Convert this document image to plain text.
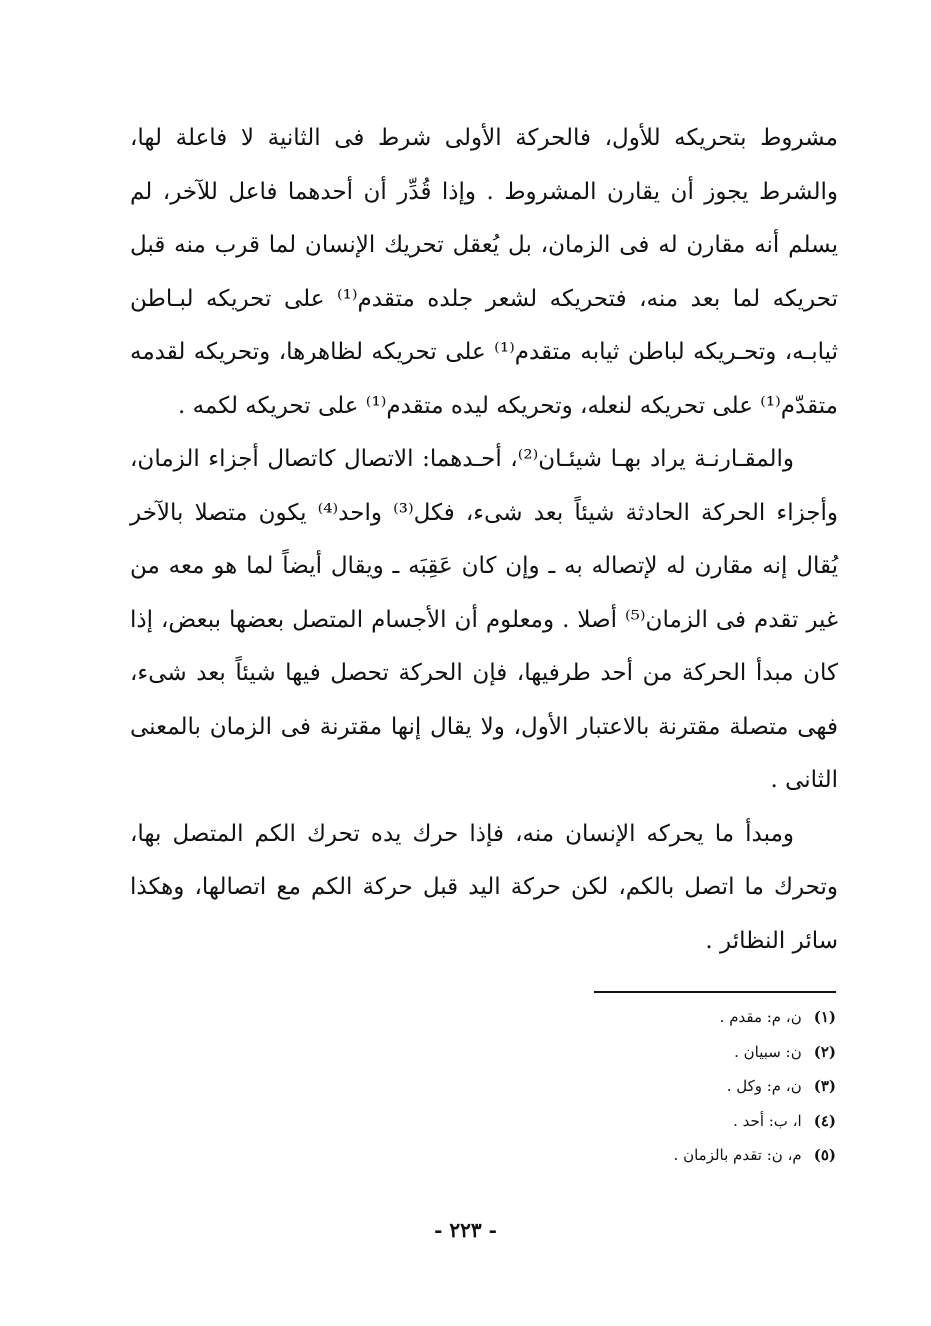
مشروط بتحريكه للأول، فالحركة الأولى شرط فى الثانية لا فاعلة لها، والشرط يجوز أن يقارن المشروط . وإذا قُدِّر أن أحدهما فاعل للآخر، لم يسلم أنه مقارن له فى الزمان، بل يُعقل تحريك الإنسان لما قرب منه قبل تحريكه لما بعد منه، فتحريكه لشعر جلده متقدم⁽¹⁾ على تحريكه لبـاطن ثيابـه، وتحـريكه لباطن ثيابه متقدم⁽¹⁾ على تحريكه لظاهرها، وتحريكه لقدمه متقدّم⁽¹⁾ على تحريكه لنعله، وتحريكه ليده متقدم⁽¹⁾ على تحريكه لكمه .

والمقـارنـة يراد بهـا شيئـان⁽²⁾، أحـدهما: الاتصال كاتصال أجزاء الزمان، وأجزاء الحركة الحادثة شيئاً بعد شىء، فكل⁽³⁾ واحد⁽⁴⁾ يكون متصلا بالآخر يُقال إنه مقارن له لإتصاله به ـ وإن كان عَقِبَه ـ ويقال أيضاً لما هو معه من غير تقدم فى الزمان⁽⁵⁾ أصلا . ومعلوم أن الأجسام المتصل بعضها ببعض، إذا كان مبدأ الحركة من أحد طرفيها، فإن الحركة تحصل فيها شيئاً بعد شىء، فهى متصلة مقترنة بالاعتبار الأول، ولا يقال إنها مقترنة فى الزمان بالمعنى الثانى .

ومبدأ ما يحركه الإنسان منه، فإذا حرك يده تحرك الكم المتصل بها، وتحرك ما اتصل بالكم، لكن حركة اليد قبل حركة الكم مع اتصالها، وهكذا سائر النظائر .

(١)ن، م: مقدم .
(٢)ن: سبيان .
(٣)ن، م: وكل .
(٤)ا، ب: أحد .
(٥)م، ن: تقدم بالزمان .
- ٢٢٣ -
